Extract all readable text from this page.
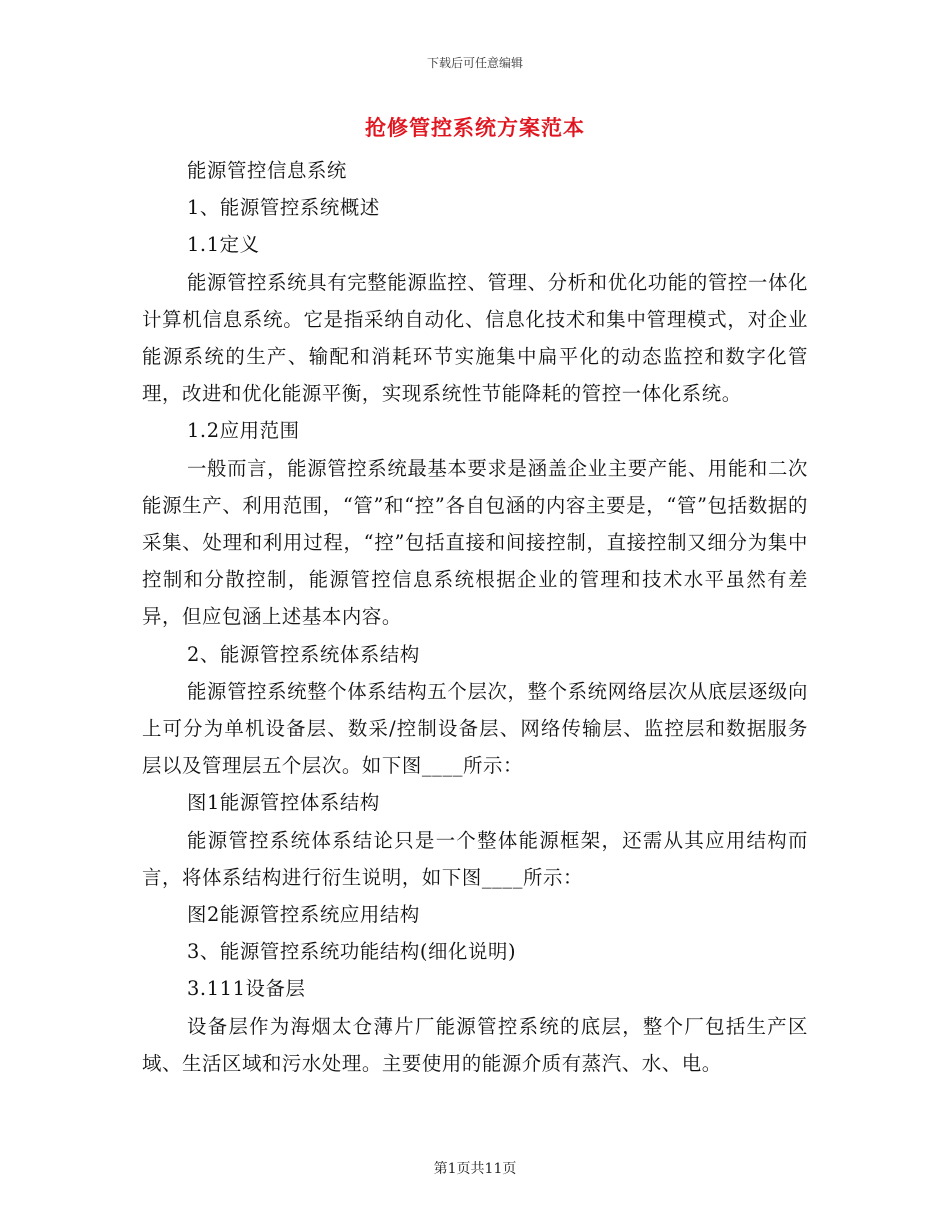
下载后可任意编辑
抢修管控系统方案范本

能源管控信息系统

1、能源管控系统概述

1.1定义

能源管控系统具有完整能源监控、管理、分析和优化功能的管控一体化计算机信息系统。它是指采纳自动化、信息化技术和集中管理模式，对企业能源系统的生产、输配和消耗环节实施集中扁平化的动态监控和数字化管理，改进和优化能源平衡，实现系统性节能降耗的管控一体化系统。

1.2应用范围

一般而言，能源管控系统最基本要求是涵盖企业主要产能、用能和二次能源生产、利用范围，“管”和“控”各自包涵的内容主要是，“管”包括数据的采集、处理和利用过程，“控”包括直接和间接控制，直接控制又细分为集中控制和分散控制，能源管控信息系统根据企业的管理和技术水平虽然有差异，但应包涵上述基本内容。

2、能源管控系统体系结构

能源管控系统整个体系结构五个层次，整个系统网络层次从底层逐级向上可分为单机设备层、数采/控制设备层、网络传输层、监控层和数据服务层以及管理层五个层次。如下图____所示：

图1能源管控体系结构

能源管控系统体系结论只是一个整体能源框架，还需从其应用结构而言，将体系结构进行衍生说明，如下图____所示：

图2能源管控系统应用结构

3、能源管控系统功能结构(细化说明)

3.111设备层

设备层作为海烟太仓薄片厂能源管控系统的底层，整个厂包括生产区域、生活区域和污水处理。主要使用的能源介质有蒸汽、水、电。

第1页共11页
